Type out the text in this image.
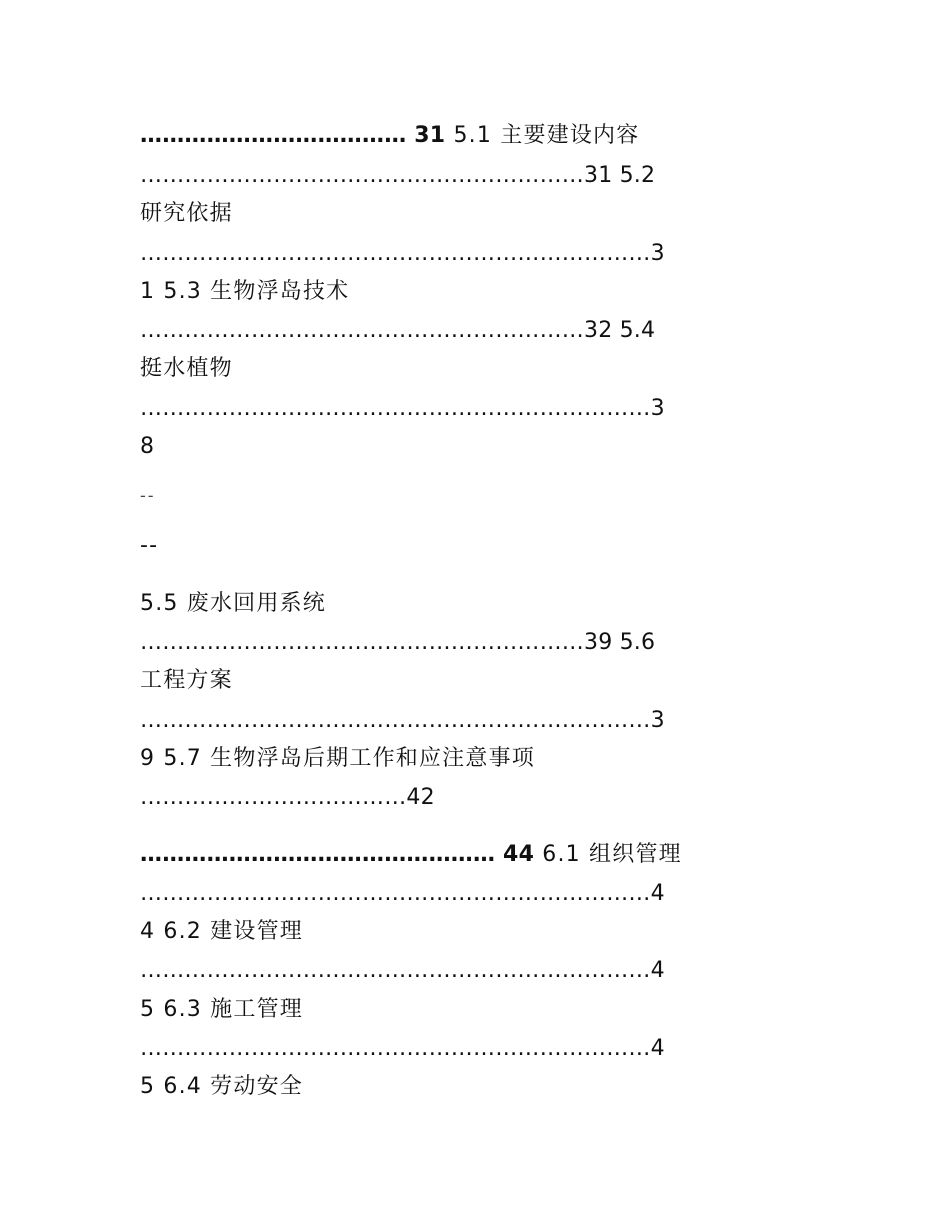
……………………………… 31 5.1 主要建设内容
……………………………………………………31 5.2
研究依据
……………………………………………………………3
1 5.3 生物浮岛技术
……………………………………………………32 5.4
挺水植物
……………………………………………………………3
8
--
--
5.5 废水回用系统
……………………………………………………39 5.6
工程方案
……………………………………………………………3
9 5.7 生物浮岛后期工作和应注意事项
………………………………42
………………………………………… 44 6.1 组织管理
……………………………………………………………4
4 6.2 建设管理
……………………………………………………………4
5 6.3 施工管理
……………………………………………………………4
5 6.4 劳动安全
